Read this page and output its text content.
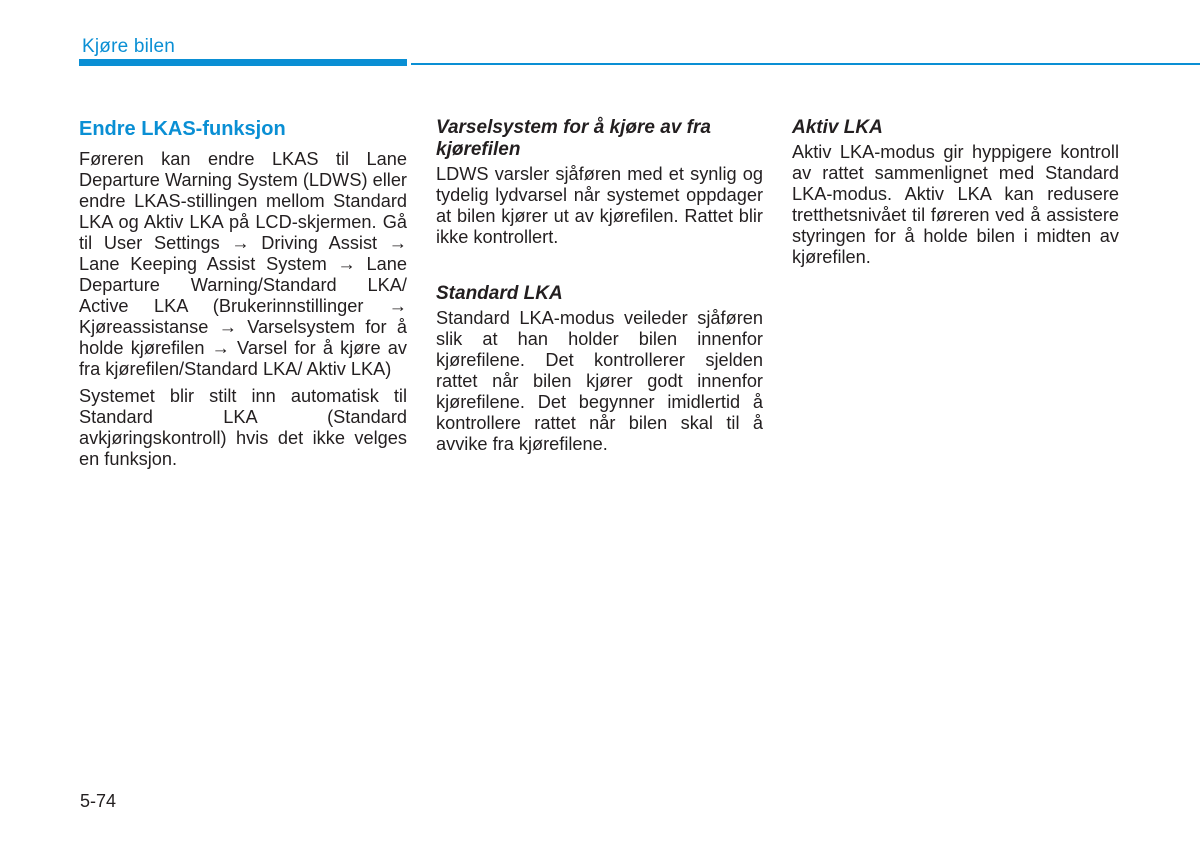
Kjøre bilen
Endre LKAS-funksjon

Føreren kan endre LKAS til Lane Departure Warning System (LDWS) eller endre LKAS-stillingen mellom Standard LKA og Aktiv LKA på LCD-skjermen. Gå til User Settings → Driving Assist → Lane Keeping Assist System → Lane Departure Warning/Standard LKA/ Active LKA (Brukerinnstillinger → Kjøreassistanse → Varselsystem for å holde kjørefilen → Varsel for å kjøre av fra kjørefilen/Standard LKA/ Aktiv LKA)

Systemet blir stilt inn automatisk til Standard LKA (Standard avkjøringskontroll) hvis det ikke velges en funksjon.

Varselsystem for å kjøre av fra kjørefilen

LDWS varsler sjåføren med et synlig og tydelig lydvarsel når systemet oppdager at bilen kjører ut av kjørefilen. Rattet blir ikke kontrollert.

Standard LKA

Standard LKA-modus veileder sjåføren slik at han holder bilen innenfor kjørefilene. Det kontrollerer sjelden rattet når bilen kjører godt innenfor kjørefilene. Det begynner imidlertid å kontrollere rattet når bilen skal til å avvike fra kjørefilene.

Aktiv LKA

Aktiv LKA-modus gir hyppigere kontroll av rattet sammenlignet med Standard LKA-modus. Aktiv LKA kan redusere tretthetsnivået til føreren ved å assistere styringen for å holde bilen i midten av kjørefilen.

5-74
